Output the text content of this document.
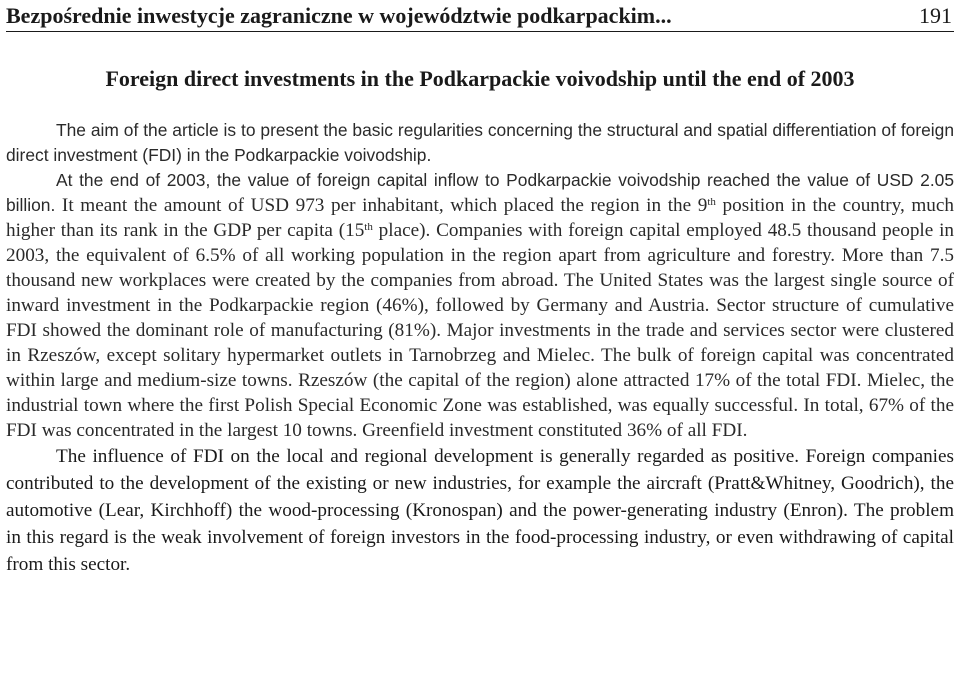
Bezpośrednie inwestycje zagraniczne w województwie podkarpackim...	191
Foreign direct investments in the Podkarpackie voivodship until the end of 2003

The aim of the article is to present the basic regularities concerning the structural and spatial differentiation of foreign direct investment (FDI) in the Podkarpackie voivodship.

At the end of 2003, the value of foreign capital inflow to Podkarpackie voivodship reached the value of USD 2.05 billion. It meant the amount of USD 973 per inhabitant, which placed the region in the 9th position in the country, much higher than its rank in the GDP per capita (15th place). Companies with foreign capital employed 48.5 thousand people in 2003, the equivalent of 6.5% of all working population in the region apart from agriculture and forestry. More than 7.5 thousand new workplaces were created by the companies from abroad. The United States was the largest single source of inward investment in the Podkarpackie region (46%), followed by Germany and Austria. Sector structure of cumulative FDI showed the dominant role of manufacturing (81%). Major investments in the trade and services sector were clustered in Rzeszów, except solitary hypermarket outlets in Tarnobrzeg and Mielec. The bulk of foreign capital was concentrated within large and medium-size towns. Rzeszów (the capital of the region) alone attracted 17% of the total FDI. Mielec, the industrial town where the first Polish Special Economic Zone was established, was equally successful. In total, 67% of the FDI was concentrated in the largest 10 towns. Greenfield investment constituted 36% of all FDI.

The influence of FDI on the local and regional development is generally regarded as positive. Foreign companies contributed to the development of the existing or new industries, for example the aircraft (Pratt&Whitney, Goodrich), the automotive (Lear, Kirchhoff) the wood-processing (Kronospan) and the power-generating industry (Enron). The problem in this regard is the weak involvement of foreign investors in the food-processing industry, or even withdrawing of capital from this sector.
